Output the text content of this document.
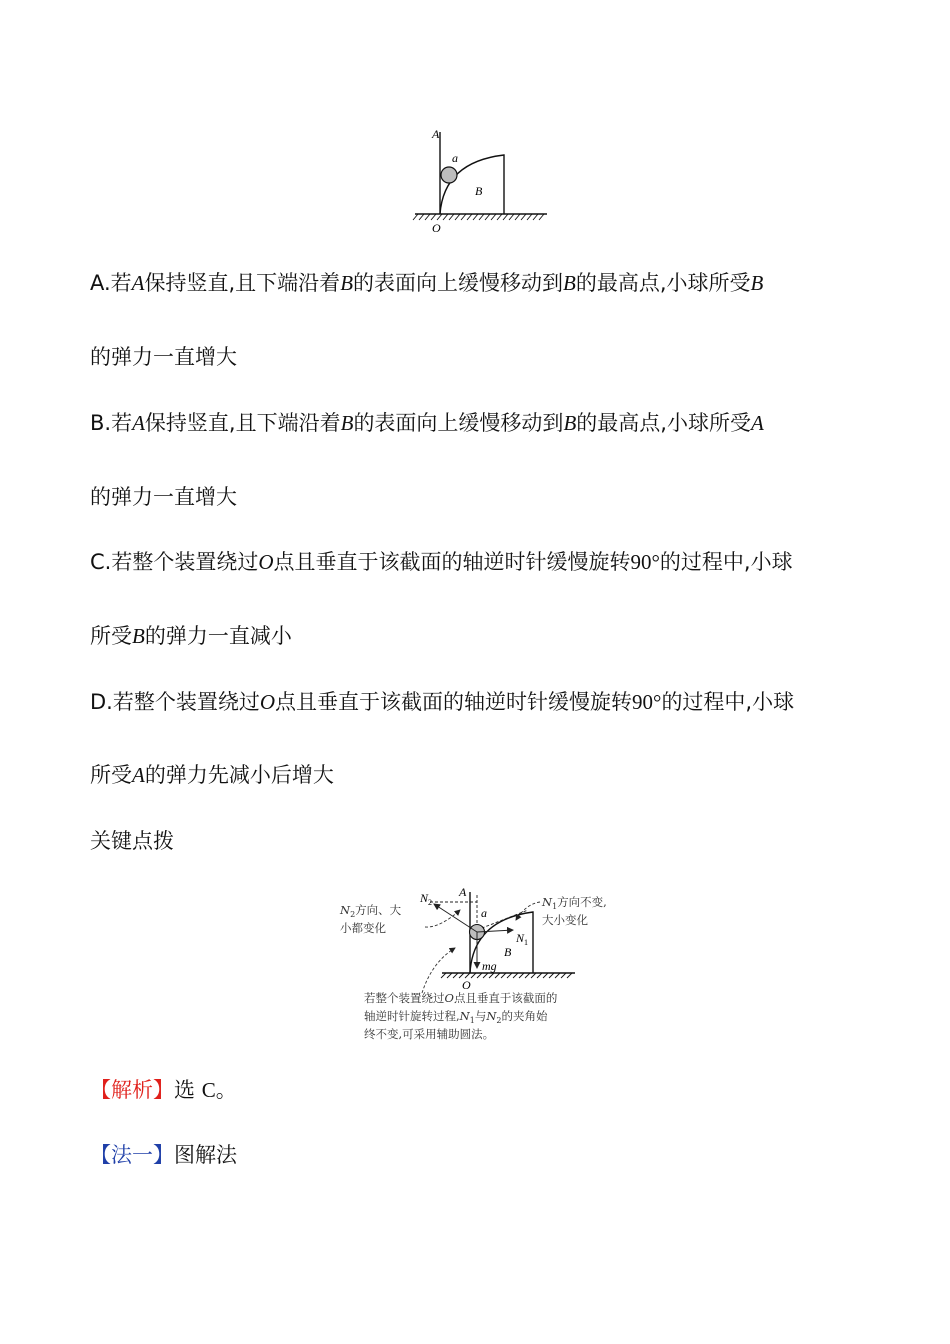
A
a
B
O
A.若A保持竖直,且下端沿着B的表面向上缓慢移动到B的最高点,小球所受B
的弹力一直增大
B.若A保持竖直,且下端沿着B的表面向上缓慢移动到B的最高点,小球所受A
的弹力一直增大
C.若整个装置绕过O点且垂直于该截面的轴逆时针缓慢旋转90°的过程中,小球
所受B的弹力一直减小
D.若整个装置绕过O点且垂直于该截面的轴逆时针缓慢旋转90°的过程中,小球
所受A的弹力先减小后增大
关键点拨
$N_2$
A
a
$N_1$
B
mg
O
$N_2$方向、大
小都变化
$N_1$方向不变,
大小变化
若整个装置绕过O点且垂直于该截面的
轴逆时针旋转过程$,N_1$与$N_2$的夹角始
终不变,可采用辅助圆法。
【解析】选 C。
【法一】图解法
